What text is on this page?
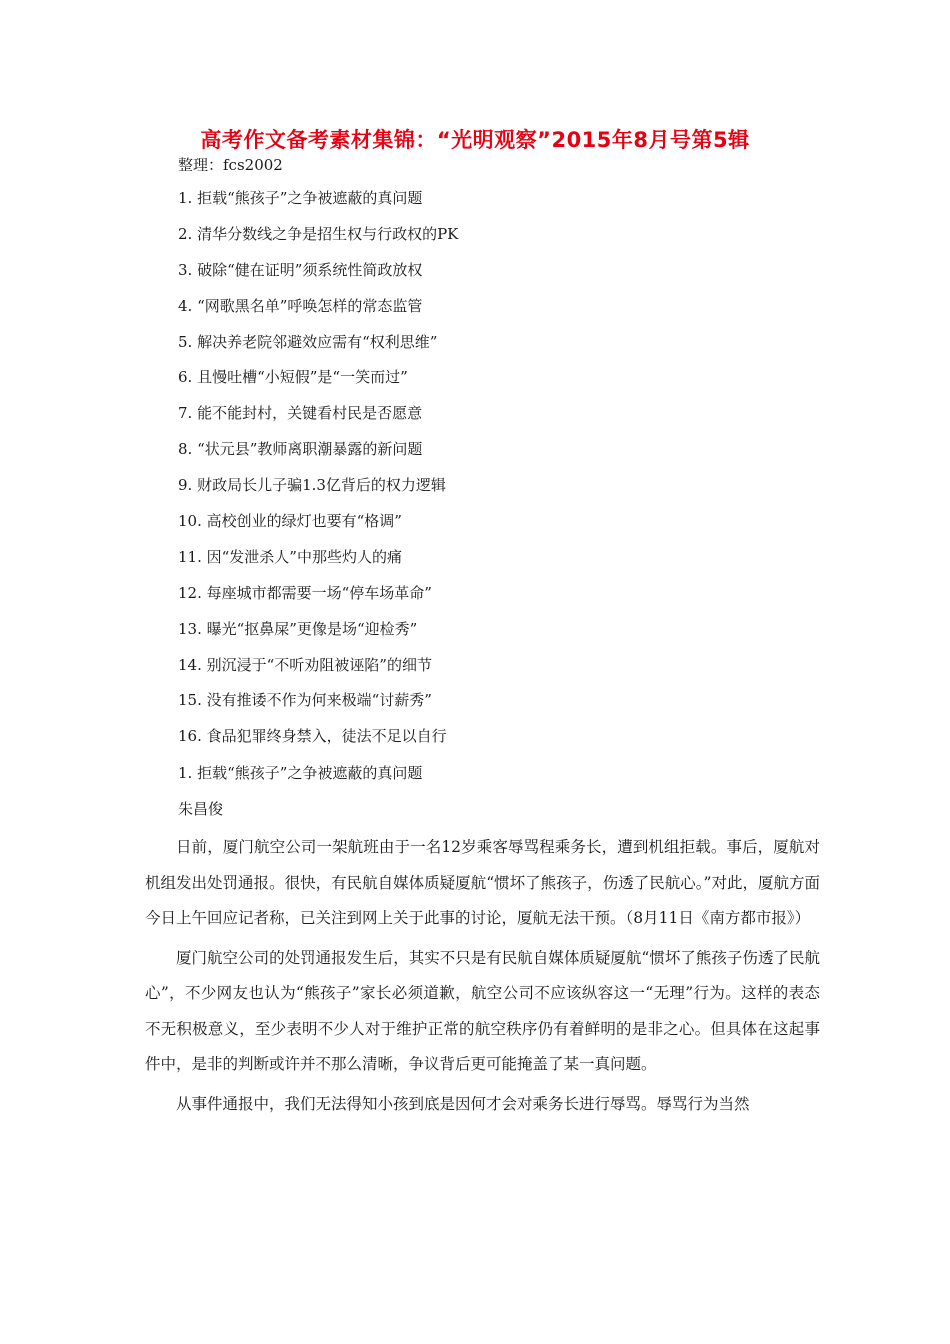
高考作文备考素材集锦：“光明观察”2015年8月号第5辑
整理：fcs2002
1. 拒载“熊孩子”之争被遮蔽的真问题
2. 清华分数线之争是招生权与行政权的PK
3. 破除“健在证明”须系统性简政放权
4. “网歌黑名单”呼唤怎样的常态监管
5. 解决养老院邻避效应需有“权利思维”
6. 且慢吐槽“小短假”是“一笑而过”
7. 能不能封村，关键看村民是否愿意
8. “状元县”教师离职潮暴露的新问题
9. 财政局长儿子骗1.3亿背后的权力逻辑
10. 高校创业的绿灯也要有“格调”
11. 因“发泄杀人”中那些灼人的痛
12. 每座城市都需要一场“停车场革命”
13. 曝光“抠鼻屎”更像是场“迎检秀”
14. 别沉浸于“不听劝阻被诬陷”的细节
15. 没有推诿不作为何来极端“讨薪秀”
16. 食品犯罪终身禁入，徒法不足以自行
1. 拒载“熊孩子”之争被遮蔽的真问题
朱昌俊

日前，厦门航空公司一架航班由于一名12岁乘客辱骂程乘务长，遭到机组拒载。事后，厦航对机组发出处罚通报。很快，有民航自媒体质疑厦航“惯坏了熊孩子，伤透了民航心。”对此，厦航方面今日上午回应记者称，已关注到网上关于此事的讨论，厦航无法干预。（8月11日《南方都市报》）

厦门航空公司的处罚通报发生后，其实不只是有民航自媒体质疑厦航“惯坏了熊孩子伤透了民航心”，不少网友也认为“熊孩子”家长必须道歉，航空公司不应该纵容这一“无理”行为。这样的表态不无积极意义，至少表明不少人对于维护正常的航空秩序仍有着鲜明的是非之心。但具体在这起事件中，是非的判断或许并不那么清晰，争议背后更可能掩盖了某一真问题。

从事件通报中，我们无法得知小孩到底是因何才会对乘务长进行辱骂。辱骂行为当然
